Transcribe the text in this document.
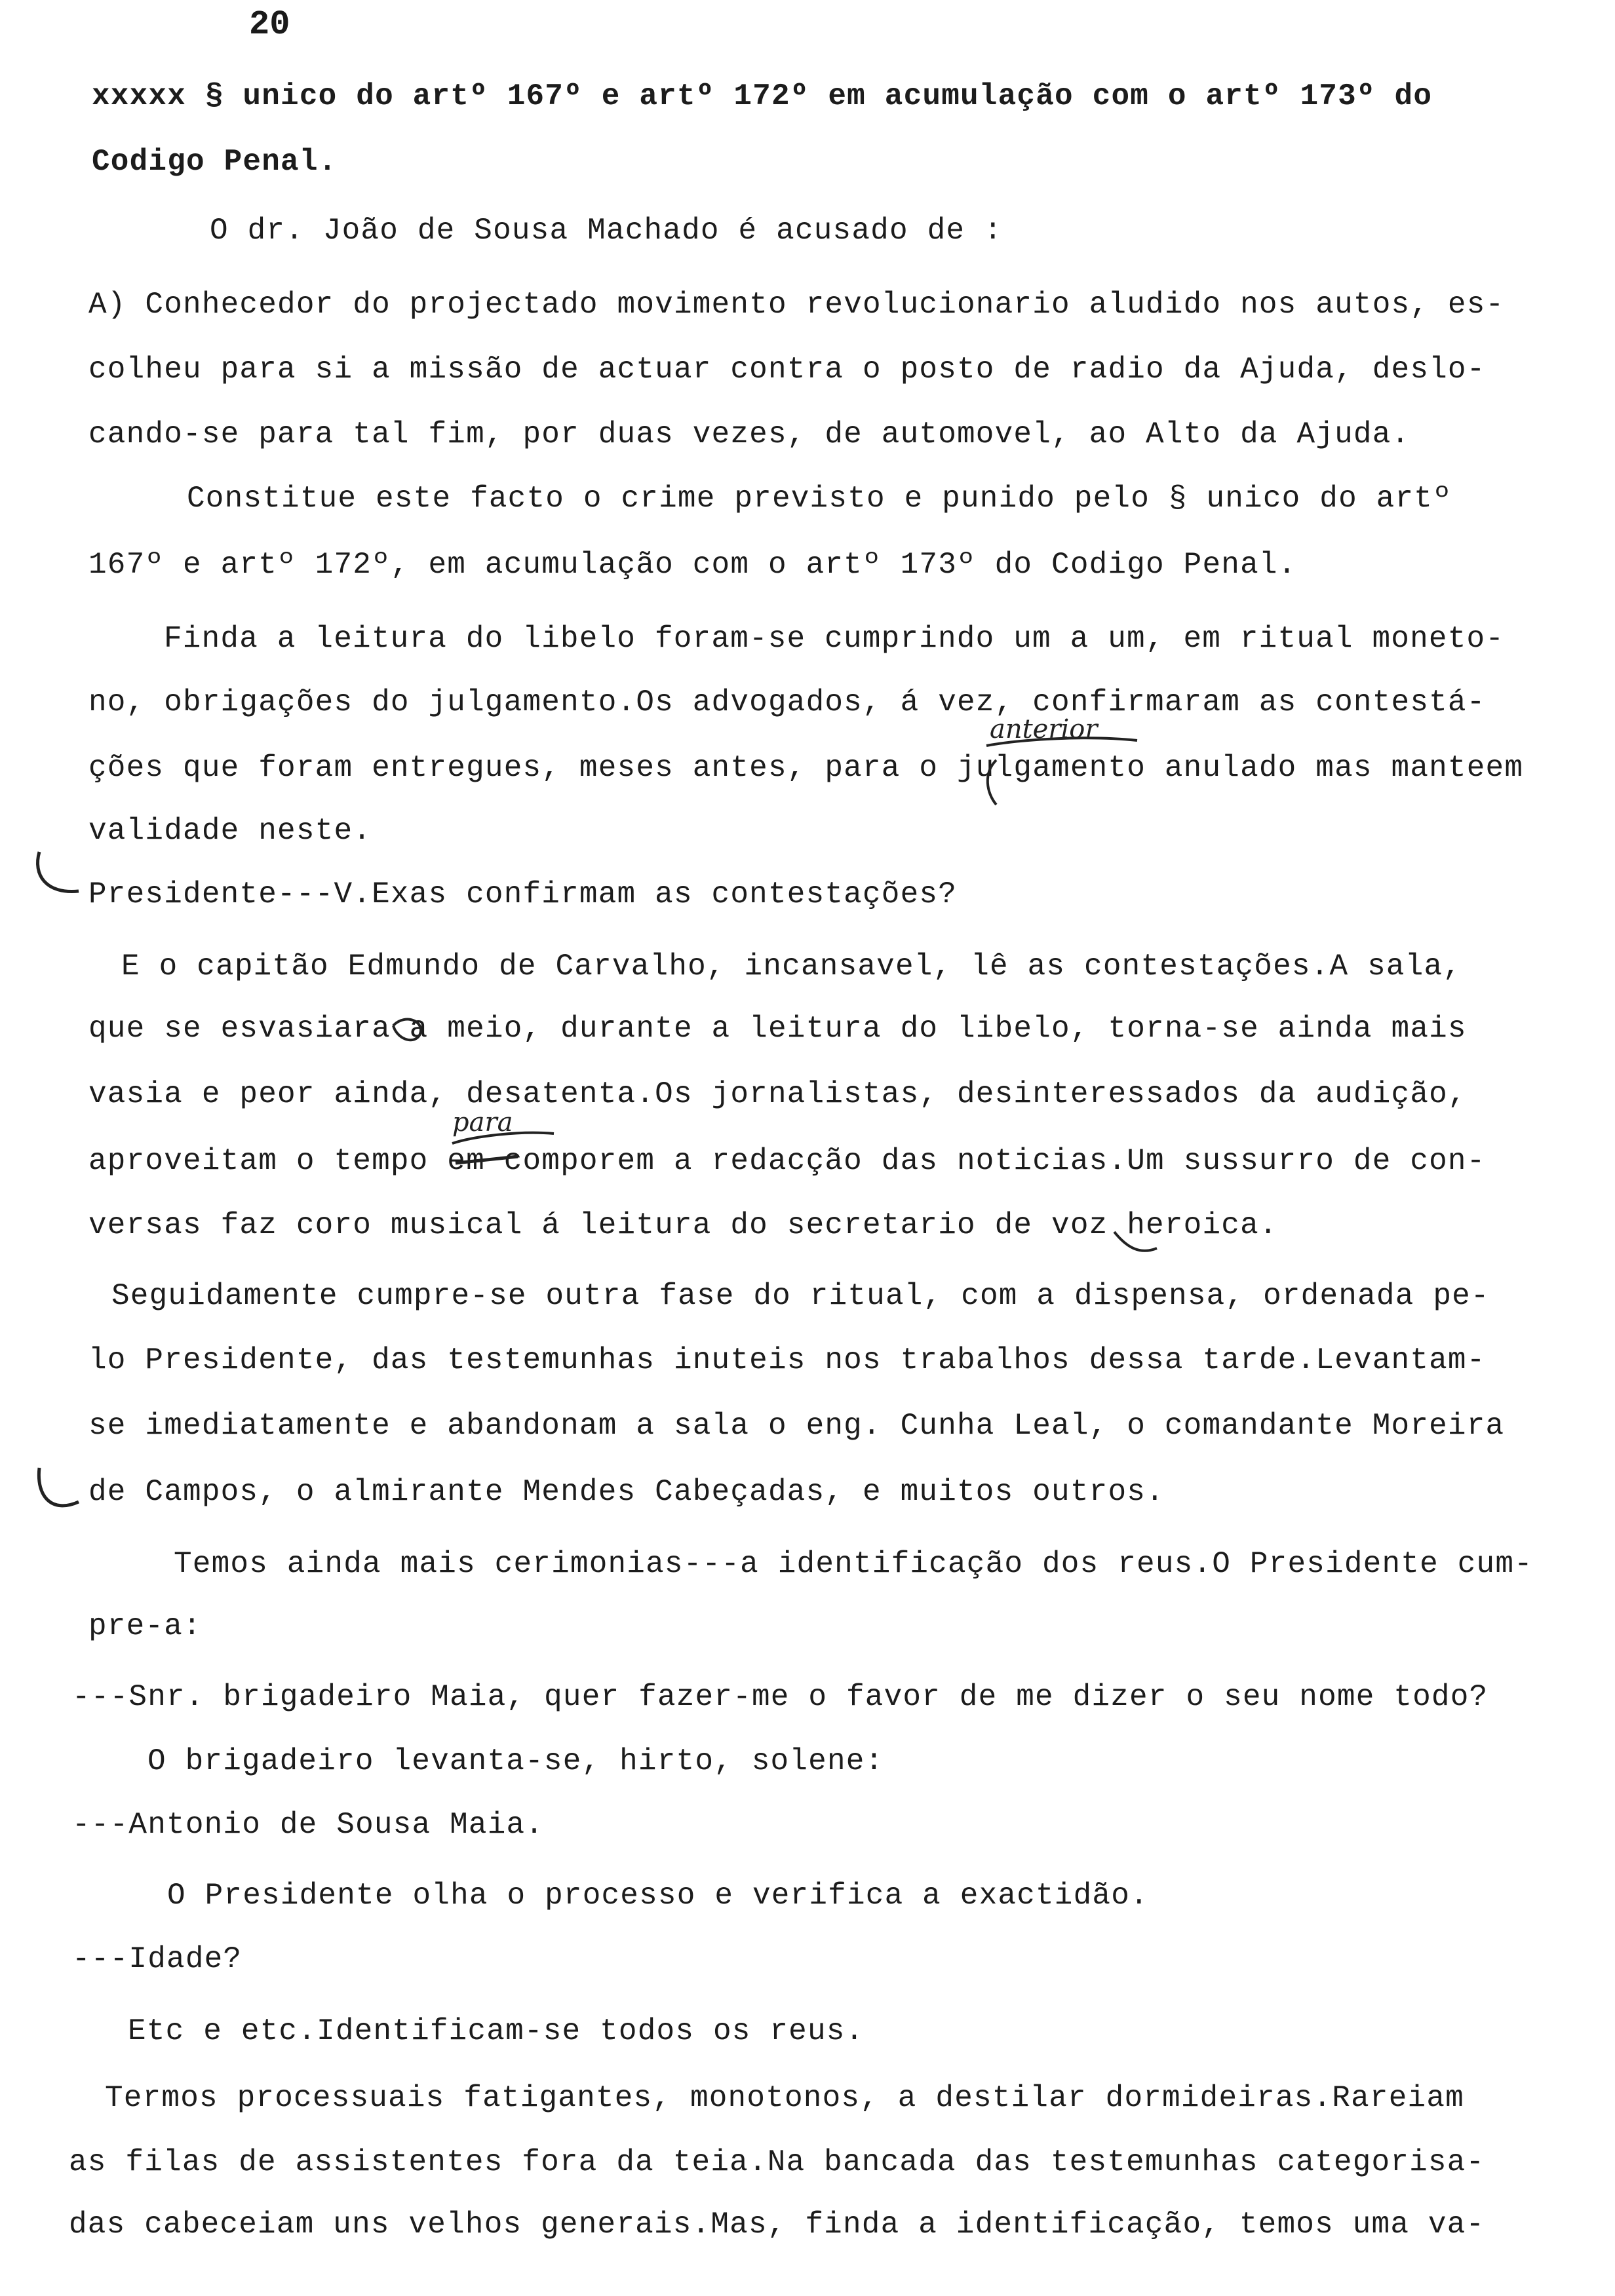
20
xxxxx § unico do artº 167º e artº 172º em acumulação com o artº 173º do
Codigo Penal.
O dr. João de Sousa Machado é acusado de :
A) Conhecedor do projectado movimento revolucionario aludido nos autos, es-
colheu para si a missão de actuar contra o posto de radio da Ajuda, deslo-
cando-se para tal fim, por duas vezes, de automovel, ao Alto da Ajuda.
Constitue este facto o crime previsto e punido pelo § unico do artº
167º e artº 172º, em acumulação com o artº 173º do Codigo Penal.
Finda a leitura do libelo foram-se cumprindo um a um, em ritual moneto-
no, obrigações do julgamento.Os advogados, á vez, confirmaram as contestá-
ções que foram entregues, meses antes, para o julgamento anulado mas manteem
validade neste.
Presidente---V.Exas confirmam as contestações?
E o capitão Edmundo de Carvalho, incansavel, lê as contestações.A sala,
que se esvasiara a meio, durante a leitura do libelo, torna-se ainda mais
vasia e peor ainda, desatenta.Os jornalistas, desinteressados da audição,
aproveitam o tempo em comporem a redacção das noticias.Um sussurro de con-
versas faz coro musical á leitura do secretario de voz heroica.
Seguidamente cumpre-se outra fase do ritual, com a dispensa, ordenada pe-
lo Presidente, das testemunhas inuteis nos trabalhos dessa tarde.Levantam-
se imediatamente e abandonam a sala o eng. Cunha Leal, o comandante Moreira
de Campos, o almirante Mendes Cabeçadas, e muitos outros.
Temos ainda mais cerimonias---a identificação dos reus.O Presidente cum-
pre-a:
---Snr. brigadeiro Maia, quer fazer-me o favor de me dizer o seu nome todo?
O brigadeiro levanta-se, hirto, solene:
---Antonio de Sousa Maia.
O Presidente olha o processo e verifica a exactidão.
---Idade?
Etc e etc.Identificam-se todos os reus.
Termos processuais fatigantes, monotonos, a destilar dormideiras.Rareiam
as filas de assistentes fora da teia.Na bancada das testemunhas categorisa-
das cabeceiam uns velhos generais.Mas, finda a identificação, temos uma va-
anterior
para
